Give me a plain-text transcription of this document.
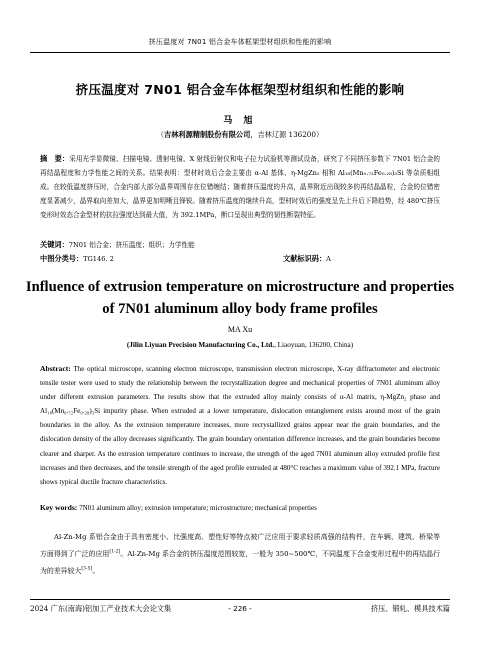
挤压温度对 7N01 铝合金车体框架型材组织和性能的影响
挤压温度对 7N01 铝合金车体框架型材组织和性能的影响
马 旭
（吉林利源精制股份有限公司，吉林辽源 136200）
摘　要：采用光学显微镜、扫描电镜、透射电镜、X 射线衍射仪和电子拉力试验机等测试设备，研究了不同挤压参数下 7N01 铝合金的再结晶程度和力学性能之间的关系。结果表明：型材时效后合金主要由 α-Al 基体、η-MgZn₂ 相和 Al₁₈(Mn₀.₇₂Fe₀.₂₈)₃Si 等杂质相组成。在较低温度挤压时，合金内部大部分晶界周围存在位错缠结；随着挤压温度的升高，晶界附近出现较多的再结晶晶粒，合金的位错密度显著减少，晶界取向差加大，晶界更加明晰且锋锐。随着挤压温度的继续升高，型材时效后的强度呈先上升后下降趋势，经 480℃挤压变形时效态合金型材的抗拉强度达到最大值，为 392.1MPa，断口呈现出典型的韧性断裂特征。
关键词：7N01 铝合金；挤压温度；组织；力学性能
中图分类号：TG146. 2	文献标识码：A
Influence of extrusion temperature on microstructure and properties of 7N01 aluminum alloy body frame profiles
MA Xu
(Jilin Liyuan Precision Manufacturing Co., Ltd., Liaoyuan, 136200, China)
Abstract: The optical microscope, scanning electron microscope, transmission electron microscope, X-ray diffractometer and electronic tensile tester were used to study the relationship between the recrystallization degree and mechanical properties of 7N01 aluminum alloy under different extrusion parameters. The results show that the extruded alloy mainly consists of α-Al matrix, η-MgZn₂ phase and Al₁₈(Mn₀.₇₂Fe₀.₂₈)₃Si impurity phase. When extruded at a lower temperature, dislocation entanglement exists around most of the grain boundaries in the alloy. As the extrusion temperature increases, more recrystallized grains appear near the grain boundaries, and the dislocation density of the alloy decreases significantly. The grain boundary orientation difference increases, and the grain boundaries become clearer and sharper. As the extrusion temperature continues to increase, the strength of the aged 7N01 aluminum alloy extruded profile first increases and then decreases, and the tensile strength of the aged profile extruded at 480°C reaches a maximum value of 392.1 MPa, fracture shows typical ductile fracture characteristics.
Key words: 7N01 aluminum alloy; extrusion temperature; microstructure; mechanical properties
Al-Zn-Mg 系铝合金由于具有密度小、比强度高、塑性好等特点被广泛应用于要求轻质高强的结构件，在车辆、建筑、桥梁等方面得到了广泛的应用[1-2]。Al-Zn-Mg 系合金的挤压温度范围较宽，一般为 350~500℃，不同温度下合金变形过程中的再结晶行为的差异较大[3-5]。
2024 广东(南海)铝加工产业技术大会论文集	- 226 -	挤压、锻轧、模具技术篇
